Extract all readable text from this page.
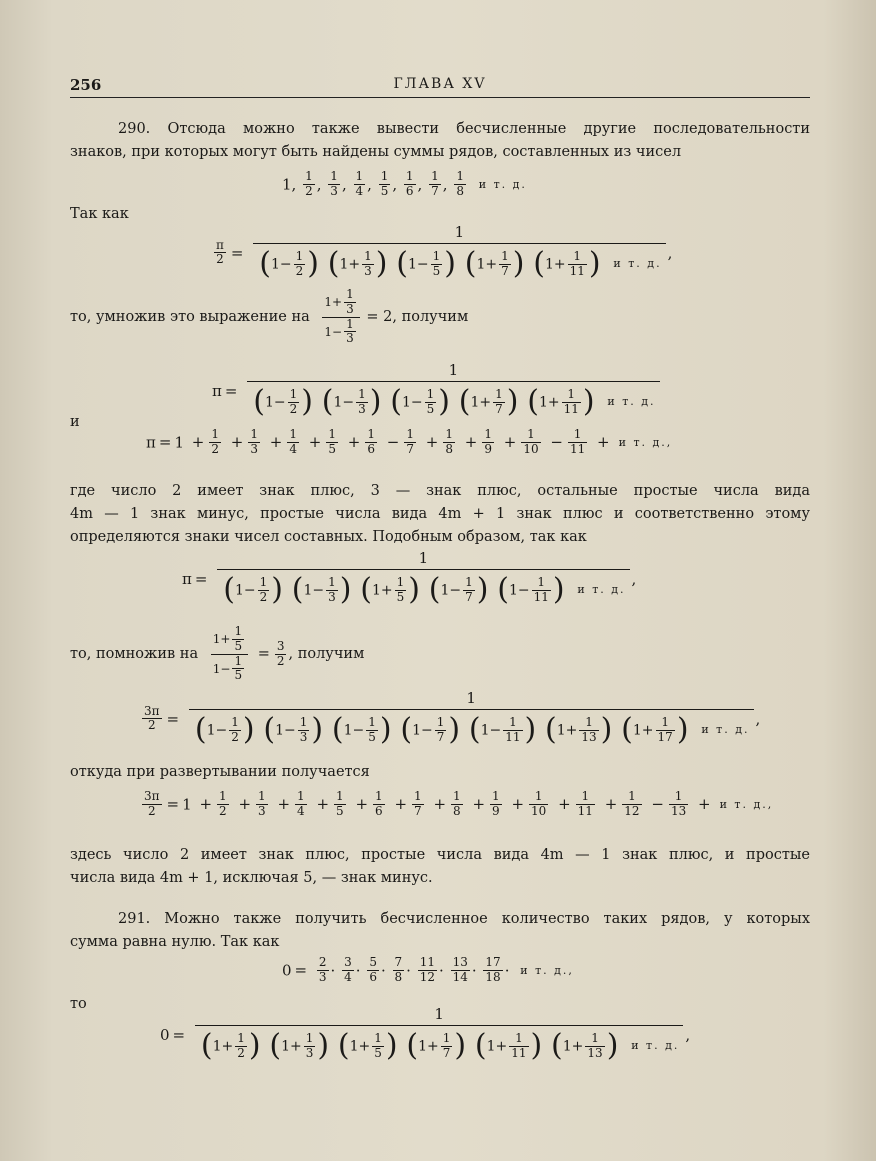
256	ГЛАВА XV

290. Отсюда можно также вывести бесчисленные другие последовательности

знаков, при которых могут быть найдены суммы рядов, составленных из чисел

1, $\frac{1}{2}$ , $\frac{1}{3}$ , $\frac{1}{4}$ , $\frac{1}{5}$ , $\frac{1}{6}$ , $\frac{1}{7}$ , $\frac{1}{8}$ и т. д.
Так как
$\frac{\pi}{2}$ =
1
( $1- \frac{1}{2}$
) ( $1+ \frac{1}{3}$
) ( $1- \frac{1}{5}$
) ( $1+ \frac{1}{7}$
) ( $1+ \frac{1}{11}$
) и т. д.
,
то, умножив это выражение на $\frac{1+ \frac{1}{3}}{1- \frac{1}{3}} = 2$, получим
π =
1
( $1- \frac{1}{2}$
) ( $1- \frac{1}{3}$
) ( $1- \frac{1}{5}$
) ( $1+ \frac{1}{7}$
) ( $1+ \frac{1}{11}$
) и т. д.
и
$\pi = 1 + \frac{1}{2} + \frac{1}{3} + \frac{1}{4} + \frac{1}{5} + \frac{1}{6} - \frac{1}{7} + \frac{1}{8} + \frac{1}{9} + \frac{1}{10} - \frac{1}{11} + и$ т. д.,

где число 2 имеет знак плюс, 3 — знак плюс, остальные простые числа вида

4m — 1 знак минус, простые числа вида 4m + 1 знак плюс и соответственно этому

определяются знаки чисел составных. Подобным образом, так как

π =
1
( $1- \frac{1}{2}$
) ( $1- \frac{1}{3}$
) ( $1+ \frac{1}{5}$
) ( $1- \frac{1}{7}$
) ( $1- \frac{1}{11}$
) и т. д.
,
то, помножив на $\frac{1+ \frac{1}{5}}{1- \frac{1}{5}} = \frac{3}{2}$ , получим
$\frac{3\pi}{2}$ =
1
( $1- \frac{1}{2}$
) ( $1- \frac{1}{3}$
) ( $1- \frac{1}{5}$
) ( $1- \frac{1}{7}$
) ( $1- \frac{1}{11}$
) ( $1+ \frac{1}{13}$
) ( $1+ \frac{1}{17}$
) и т. д.
,
откуда при развертывании получается
$\frac{3\pi}{2} = 1 + \frac{1}{2} + \frac{1}{3} + \frac{1}{4} + \frac{1}{5} + \frac{1}{6} + \frac{1}{7} + \frac{1}{8} + \frac{1}{9} + \frac{1}{10} + \frac{1}{11} + \frac{1}{12} - \frac{1}{13} + и$ т. д.,

здесь число 2 имеет знак плюс, простые числа вида 4m — 1 знак плюс, и простые

числа вида 4m + 1, исключая 5, — знак минус.

291. Можно также получить бесчисленное количество таких рядов, у которых

сумма равна нулю. Так как

$0 = \frac{2}{3} \cdot \frac{3}{4} \cdot \frac{5}{6} \cdot \frac{7}{8} \cdot \frac{11}{12} \cdot \frac{13}{14} \cdot \frac{17}{18} \cdot и$ т. д.,
то
0 =
1
( $1+ \frac{1}{2}$
) ( $1+ \frac{1}{3}$
) ( $1+ \frac{1}{5}$
) ( $1+ \frac{1}{7}$
) ( $1+ \frac{1}{11}$
) ( $1+ \frac{1}{13}$
) и т. д.
,
